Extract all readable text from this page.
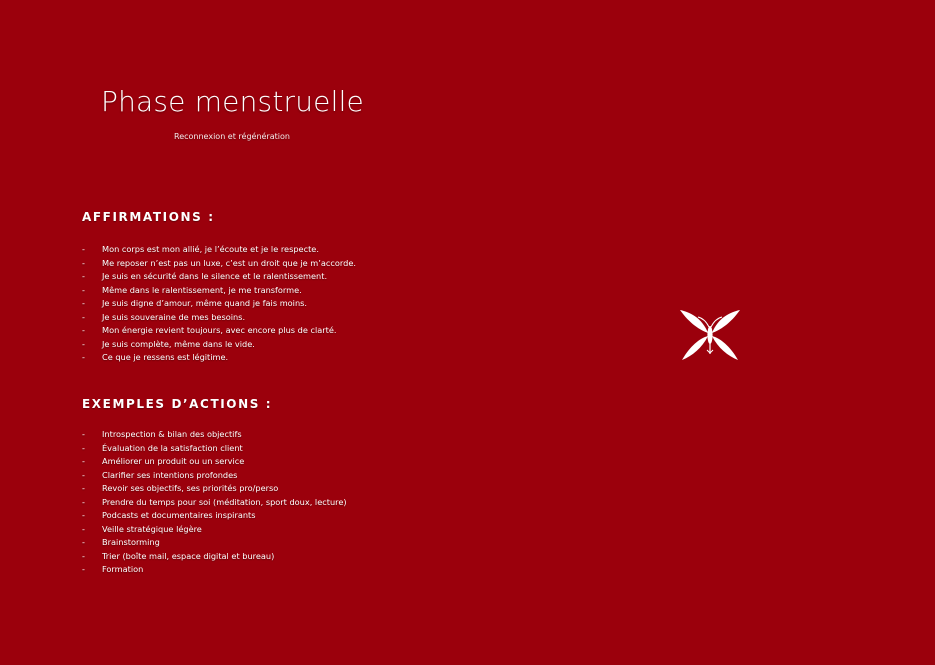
Phase menstruelle
Reconnexion et régénération
AFFIRMATIONS :
- Mon corps est mon allié, je l’écoute et je le respecte.
- Me reposer n’est pas un luxe, c’est un droit que je m’accorde.
- Je suis en sécurité dans le silence et le ralentissement.
- Même dans le ralentissement, je me transforme.
- Je suis digne d’amour, même quand je fais moins.
- Je suis souveraine de mes besoins.
- Mon énergie revient toujours, avec encore plus de clarté.
- Je suis complète, même dans le vide.
- Ce que je ressens est légitime.
EXEMPLES D’ACTIONS :
- Introspection & bilan des objectifs
- Évaluation de la satisfaction client
- Améliorer un produit ou un service
- Clarifier ses intentions profondes
- Revoir ses objectifs, ses priorités pro/perso
- Prendre du temps pour soi (méditation, sport doux, lecture)
- Podcasts et documentaires inspirants
- Veille stratégique légère
- Brainstorming
- Trier (boîte mail, espace digital et bureau)
- Formation
